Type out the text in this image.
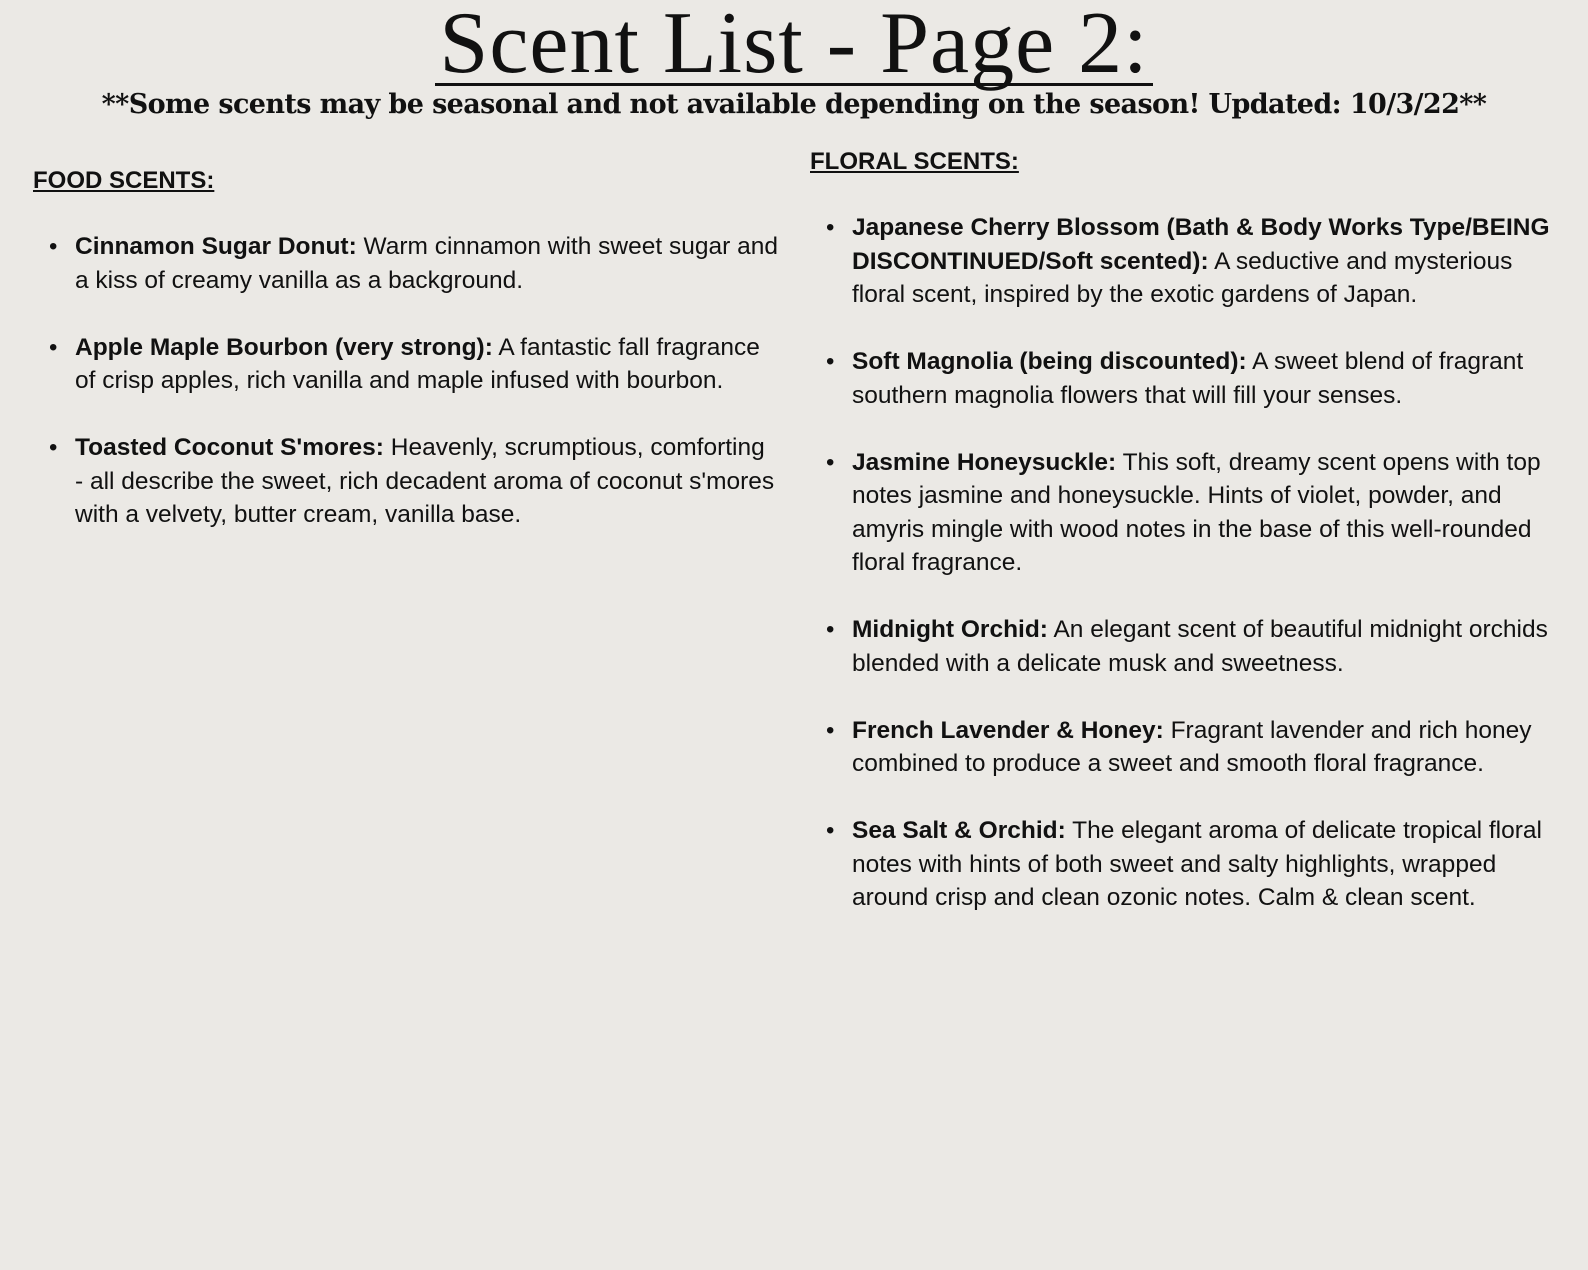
Scent List - Page 2:

**Some scents may be seasonal and not available depending on the season! Updated: 10/3/22**

FOOD SCENTS:
• Cinnamon Sugar Donut: Warm cinnamon with sweet sugar and a kiss of creamy vanilla as a background.
• Apple Maple Bourbon (very strong): A fantastic fall fragrance of crisp apples, rich vanilla and maple infused with bourbon.
• Toasted Coconut S'mores: Heavenly, scrumptious, comforting - all describe the sweet, rich decadent aroma of coconut s'mores with a velvety, butter cream, vanilla base.
FLORAL SCENTS:
• Japanese Cherry Blossom (Bath & Body Works Type/BEING DISCONTINUED/Soft scented): A seductive and mysterious floral scent, inspired by the exotic gardens of Japan.
• Soft Magnolia (being discounted): A sweet blend of fragrant southern magnolia flowers that will fill your senses.
• Jasmine Honeysuckle: This soft, dreamy scent opens with top notes jasmine and honeysuckle. Hints of violet, powder, and amyris mingle with wood notes in the base of this well-rounded floral fragrance.
• Midnight Orchid: An elegant scent of beautiful midnight orchids blended with a delicate musk and sweetness.
• French Lavender & Honey: Fragrant lavender and rich honey combined to produce a sweet and smooth floral fragrance.
• Sea Salt & Orchid: The elegant aroma of delicate tropical floral notes with hints of both sweet and salty highlights, wrapped around crisp and clean ozonic notes. Calm & clean scent.
